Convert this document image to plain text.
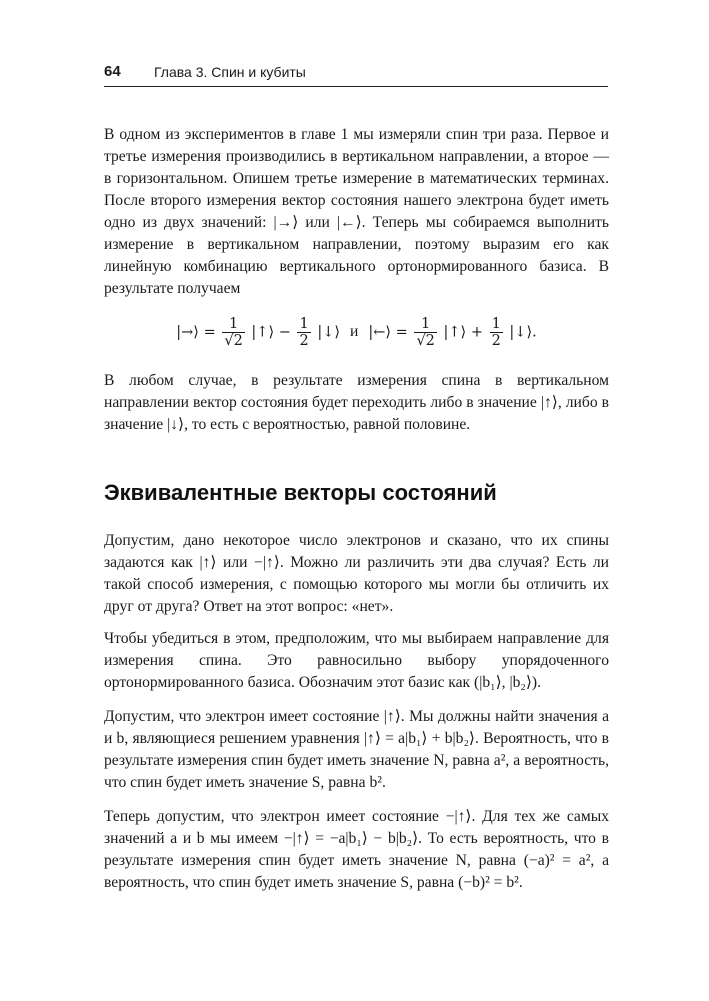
64 Глава 3. Спин и кубиты

В одном из экспериментов в главе 1 мы измеряли спин три раза. Первое и третье измерения производились в вертикальном направлении, а второе — в горизонтальном. Опишем третье измерение в математических терминах. После второго измерения вектор состояния нашего электрона будет иметь одно из двух значений: |→⟩ или |←⟩. Теперь мы собираемся выполнить измерение в вертикальном направлении, поэтому выразим его как линейную комбинацию вертикального ортонормированного базиса. В результате получаем

|→⟩ = $\frac{1}{√2}$ |↑⟩ − $\frac{1}{2}$ |↓⟩ и |←⟩ = $\frac{1}{√2}$ |↑⟩ + $\frac{1}{2}$ |↓⟩.

В любом случае, в результате измерения спина в вертикальном направлении вектор состояния будет переходить либо в значение |↑⟩, либо в значение |↓⟩, то есть с вероятностью, равной половине.

Эквивалентные векторы состояний

Допустим, дано некоторое число электронов и сказано, что их спины задаются как |↑⟩ или −|↑⟩. Можно ли различить эти два случая? Есть ли такой способ измерения, с помощью которого мы могли бы отличить их друг от друга? Ответ на этот вопрос: «нет».

Чтобы убедиться в этом, предположим, что мы выбираем направление для измерения спина. Это равносильно выбору упорядоченного ортонормированного базиса. Обозначим этот базис как (|b₁⟩, |b₂⟩).

Допустим, что электрон имеет состояние |↑⟩. Мы должны найти значения a и b, являющиеся решением уравнения |↑⟩ = a|b₁⟩ + b|b₂⟩. Вероятность, что в результате измерения спин будет иметь значение N, равна a², а вероятность, что спин будет иметь значение S, равна b².

Теперь допустим, что электрон имеет состояние −|↑⟩. Для тех же самых значений a и b мы имеем −|↑⟩ = −a|b₁⟩ − b|b₂⟩. То есть вероятность, что в результате измерения спин будет иметь значение N, равна (−a)² = a², а вероятность, что спин будет иметь значение S, равна (−b)² = b².
